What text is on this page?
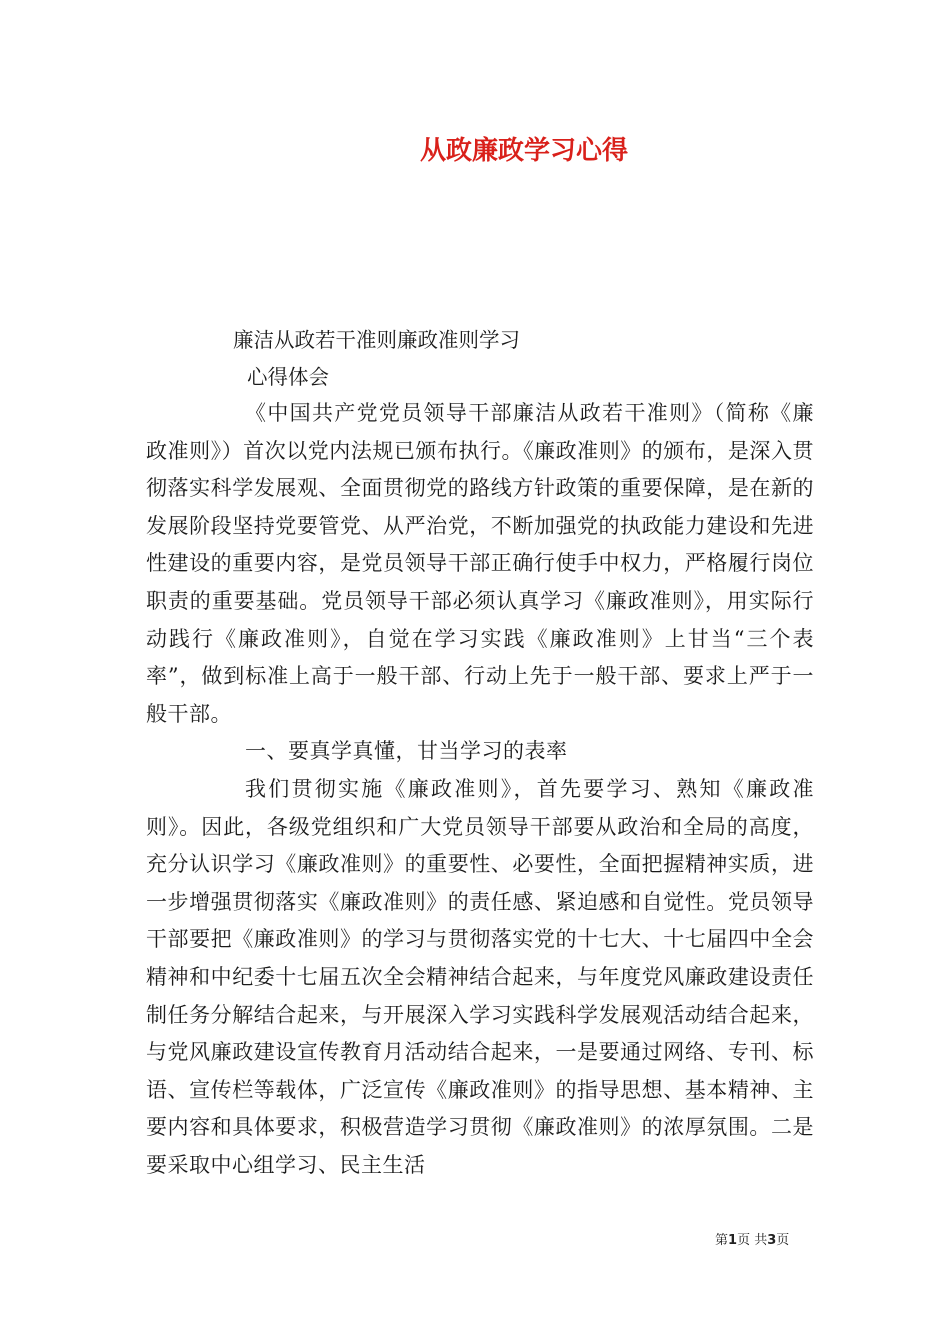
从政廉政学习心得
廉洁从政若干准则廉政准则学习
心得体会

《中国共产党党员领导干部廉洁从政若干准则》（简称《廉政准则》）首次以党内法规已颁布执行。《廉政准则》的颁布，是深入贯彻落实科学发展观、全面贯彻党的路线方针政策的重要保障，是在新的发展阶段坚持党要管党、从严治党，不断加强党的执政能力建设和先进性建设的重要内容，是党员领导干部正确行使手中权力，严格履行岗位职责的重要基础。党员领导干部必须认真学习《廉政准则》，用实际行动践行《廉政准则》，自觉在学习实践《廉政准则》上甘当“三个表率”，做到标准上高于一般干部、行动上先于一般干部、要求上严于一般干部。

一、要真学真懂，甘当学习的表率

我们贯彻实施《廉政准则》，首先要学习、熟知《廉政准则》。因此，各级党组织和广大党员领导干部要从政治和全局的高度，充分认识学习《廉政准则》的重要性、必要性，全面把握精神实质，进一步增强贯彻落实《廉政准则》的责任感、紧迫感和自觉性。党员领导干部要把《廉政准则》的学习与贯彻落实党的十七大、十七届四中全会精神和中纪委十七届五次全会精神结合起来，与年度党风廉政建设责任制任务分解结合起来，与开展深入学习实践科学发展观活动结合起来，与党风廉政建设宣传教育月活动结合起来，一是要通过网络、专刊、标语、宣传栏等载体，广泛宣传《廉政准则》的指导思想、基本精神、主要内容和具体要求，积极营造学习贯彻《廉政准则》的浓厚氛围。二是要采取中心组学习、民主生活

第1页 共3页
